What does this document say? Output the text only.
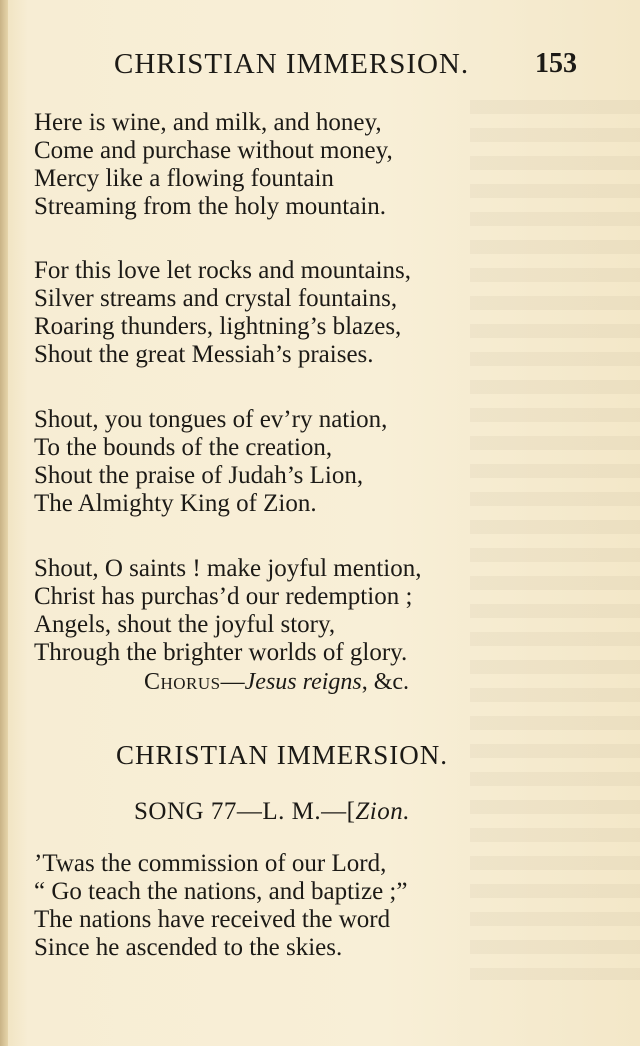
CHRISTIAN IMMERSION. 153
Here is wine, and milk, and honey,
Come and purchase without money,
Mercy like a flowing fountain
Streaming from the holy mountain.
For this love let rocks and mountains,
Silver streams and crystal fountains,
Roaring thunders, lightning’s blazes,
Shout the great Messiah’s praises.
Shout, you tongues of ev’ry nation,
To the bounds of the creation,
Shout the praise of Judah’s Lion,
The Almighty King of Zion.
Shout, O saints ! make joyful mention,
Christ has purchas’d our redemption ;
Angels, shout the joyful story,
Through the brighter worlds of glory.
Chorus—Jesus reigns, &c.
CHRISTIAN IMMERSION.
SONG 77—L. M.—[Zion.
’Twas the commission of our Lord,
“ Go teach the nations, and baptize ;”
The nations have received the word
Since he ascended to the skies.
